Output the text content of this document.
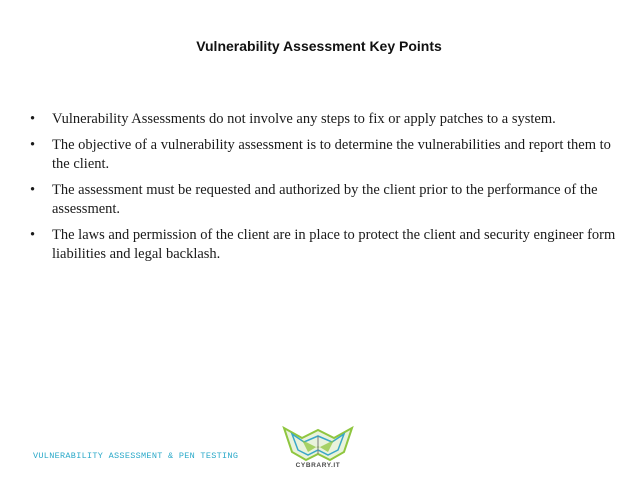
Vulnerability Assessment Key Points
• Vulnerability Assessments do not involve any steps to fix or apply patches to a system.
• The objective of a vulnerability assessment is to determine the vulnerabilities and report them to the client.
• The assessment must be requested and authorized by the client prior to the performance of the assessment.
• The laws and permission of the client are in place to protect the client and security engineer form liabilities and legal backlash.
VULNERABILITY ASSESSMENT & PEN TESTING
CYBRARY.IT
